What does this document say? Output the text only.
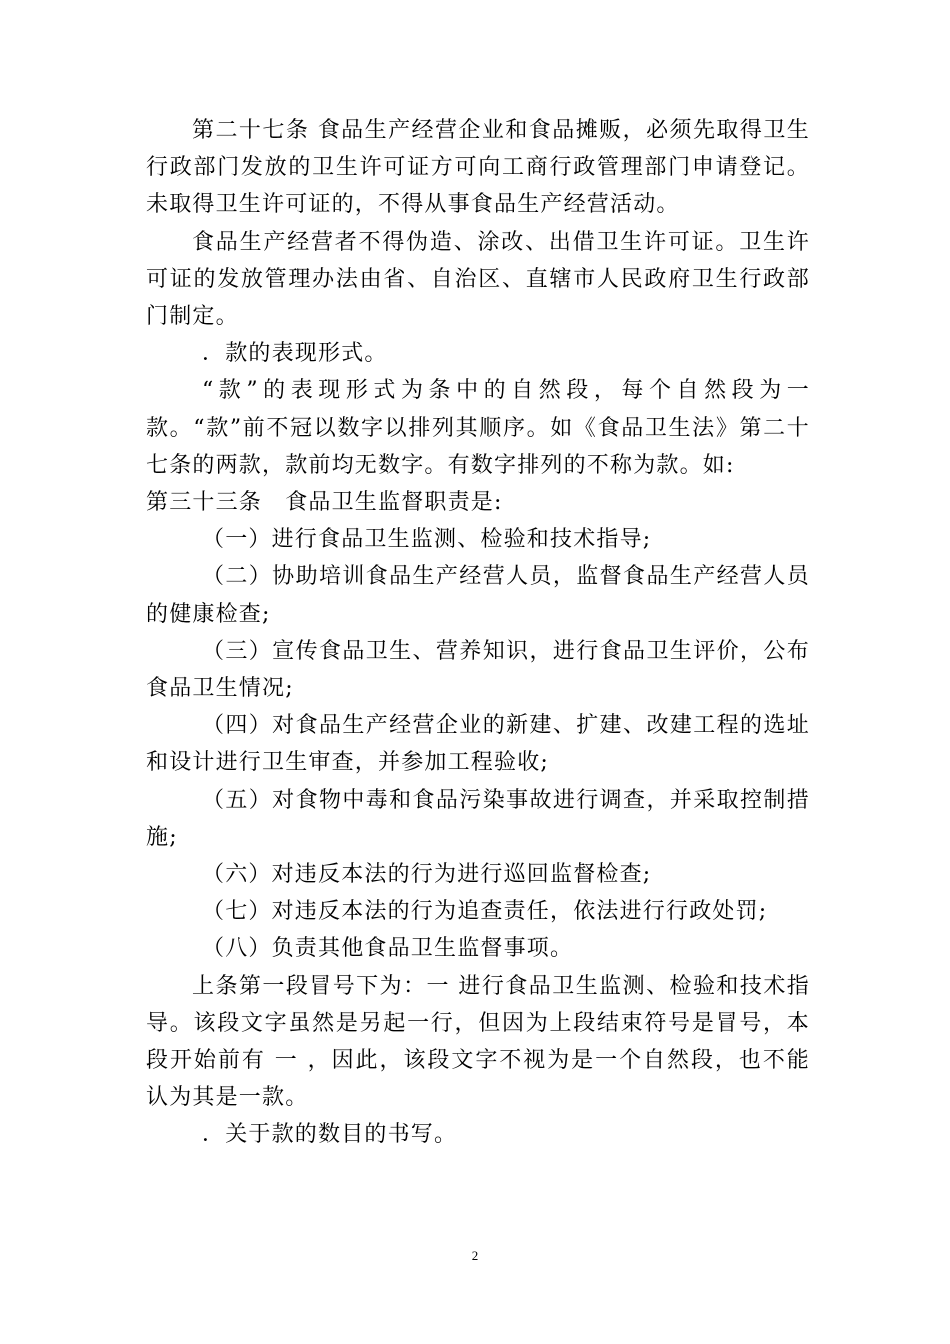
第二十七条 食品生产经营企业和食品摊贩，必须先取得卫生行政部门发放的卫生许可证方可向工商行政管理部门申请登记。未取得卫生许可证的，不得从事食品生产经营活动。

食品生产经营者不得伪造、涂改、出借卫生许可证。卫生许可证的发放管理办法由省、自治区、直辖市人民政府卫生行政部门制定。

．款的表现形式。

“款”的表现形式为条中的自然段，每个自然段为一款。“款”前不冠以数字以排列其顺序。如《食品卫生法》第二十七条的两款，款前均无数字。有数字排列的不称为款。如:

第三十三条　食品卫生监督职责是:

（一）进行食品卫生监测、检验和技术指导;

（二）协助培训食品生产经营人员，监督食品生产经营人员的健康检查;

（三）宣传食品卫生、营养知识，进行食品卫生评价，公布食品卫生情况;

（四）对食品生产经营企业的新建、扩建、改建工程的选址和设计进行卫生审查，并参加工程验收;

（五）对食物中毒和食品污染事故进行调查，并采取控制措施;

（六）对违反本法的行为进行巡回监督检查;

（七）对违反本法的行为追查责任，依法进行行政处罚;

（八）负责其他食品卫生监督事项。

上条第一段冒号下为：一 进行食品卫生监测、检验和技术指导。该段文字虽然是另起一行，但因为上段结束符号是冒号，本段开始前有 一 ，因此，该段文字不视为是一个自然段，也不能认为其是一款。

．关于款的数目的书写。

2
